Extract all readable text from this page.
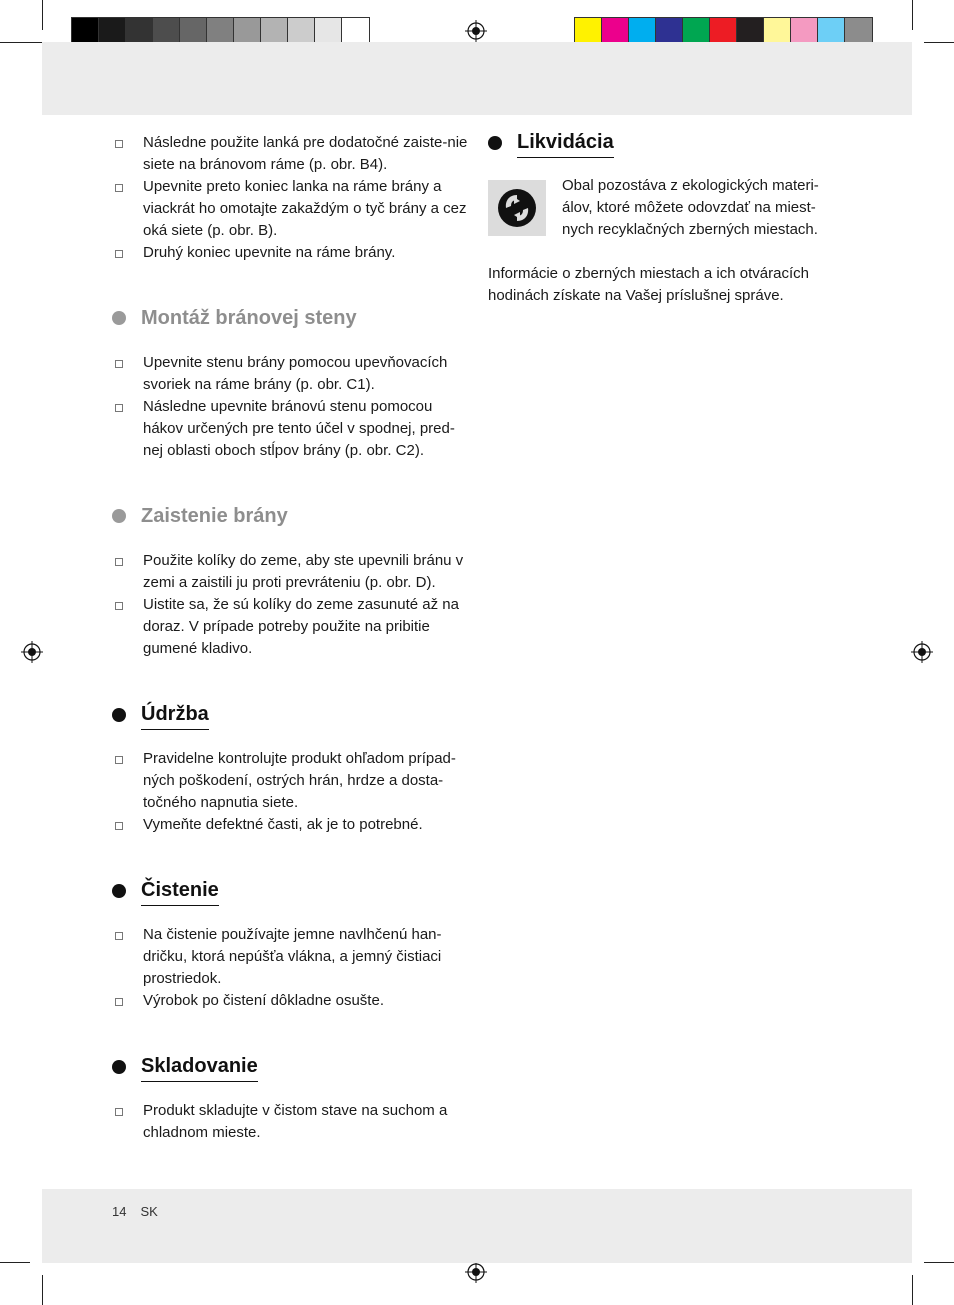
Následne použite lanká pre dodatočné zaiste-nie siete na bránovom ráme (p. obr. B4).
Upevnite preto koniec lanka na ráme brány a viackrát ho omotajte zakaždým o tyč brány a cez oká siete (p. obr. B).
Druhý koniec upevnite na ráme brány.
Montáž bránovej steny
Upevnite stenu brány pomocou upevňovacích svoriek na ráme brány (p. obr. C1).
Následne upevnite bránovú stenu pomocou hákov určených pre tento účel v spodnej, pred-nej oblasti oboch stĺpov brány (p. obr. C2).
Zaistenie brány
Použite kolíky do zeme, aby ste upevnili bránu v zemi a zaistili ju proti prevráteniu (p. obr. D).
Uistite sa, že sú kolíky do zeme zasunuté až na doraz. V prípade potreby použite na pribitie gumené kladivo.
Údržba
Pravidelne kontrolujte produkt ohľadom prípad-ných poškodení, ostrých hrán, hrdze a dosta-točného napnutia siete.
Vymeňte defektné časti, ak je to potrebné.
Čistenie
Na čistenie používajte jemne navlhčenú han-dričku, ktorá nepúšťa vlákna, a jemný čistiaci prostriedok.
Výrobok po čistení dôkladne osušte.
Skladovanie
Produkt skladujte v čistom stave na suchom a chladnom mieste.
Likvidácia
Obal pozostáva z ekologických materi-álov, ktoré môžete odovzdať na miest-nych recyklačných zberných miestach.
Informácie o zberných miestach a ich otváracích hodinách získate na Vašej príslušnej správe.
14 SK
